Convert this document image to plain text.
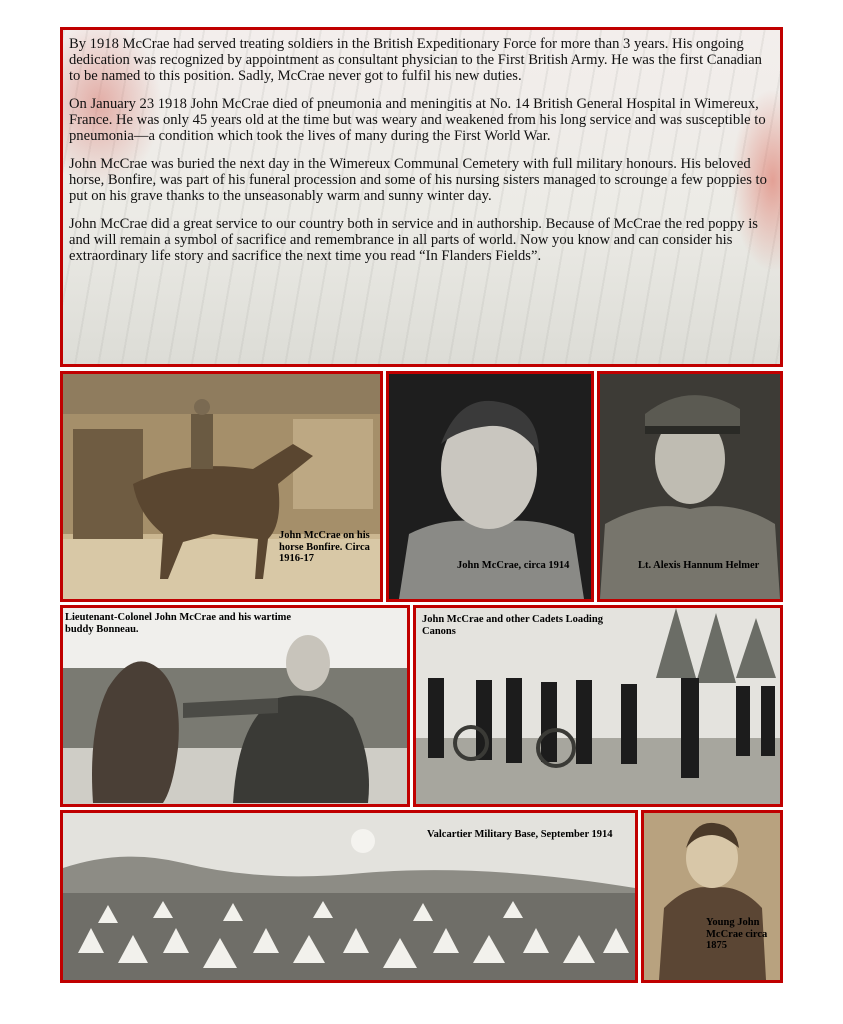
By 1918 McCrae had served treating soldiers in the British Expeditionary Force for more than 3 years. His ongoing dedication was recognized by appointment as consultant physician to the First British Army. He was the first Canadian to be named to this position. Sadly, McCrae never got to fulfil his new duties.

On January 23 1918 John McCrae died of pneumonia and meningitis at No. 14 British General Hospital in Wimereux, France. He was only 45 years old at the time but was weary and weakened from his long service and was susceptible to pneumonia—a condition which took the lives of many during the First World War.

John McCrae was buried the next day in the Wimereux Communal Cemetery with full military honours. His beloved horse, Bonfire, was part of his funeral procession and some of his nursing sisters managed to scrounge a few poppies to put on his grave thanks to the unseasonably warm and sunny winter day.

John McCrae did a great service to our country both in service and in authorship. Because of McCrae the red poppy is and will remain a symbol of sacrifice and remembrance in all parts of world. Now you know and can consider his extraordinary life story and sacrifice the next time you read “In Flanders Fields”.

John McCrae on his horse Bonfire. Circa 1916-17

John McCrae, circa 1914	Lt. Alexis Hannum Helmer

Lieutenant-Colonel John McCrae and his wartime buddy Bonneau.

John McCrae and other Cadets Loading Canons

Valcartier Military Base, September 1914

Young John McCrae circa 1875
